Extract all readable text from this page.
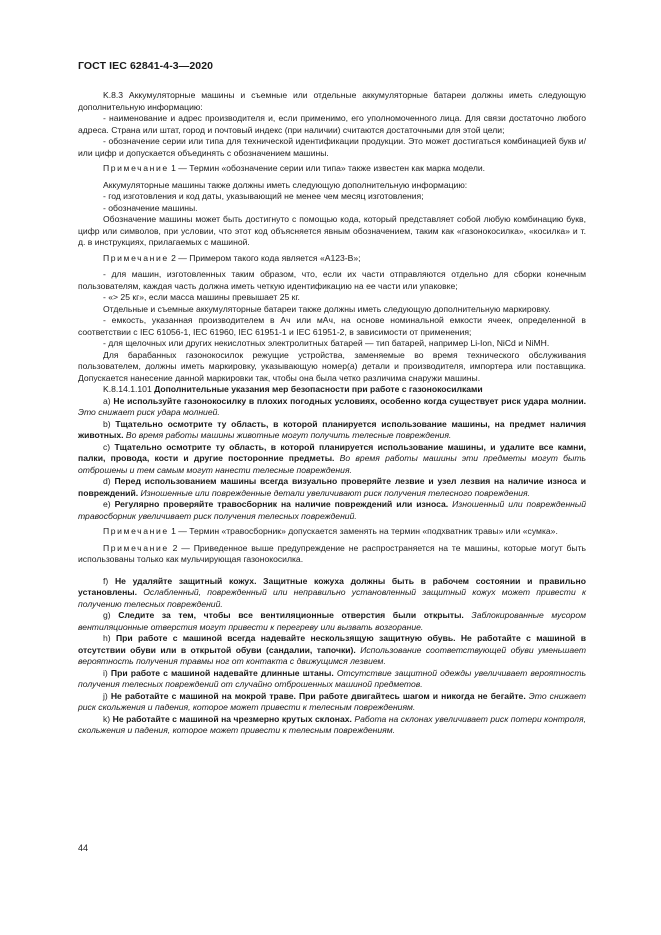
ГОСТ IEC 62841-4-3—2020

K.8.3 Аккумуляторные машины и съемные или отдельные аккумуляторные батареи должны иметь следующую дополнительную информацию:

- наименование и адрес производителя и, если применимо, его уполномоченного лица. Для связи достаточно любого адреса. Страна или штат, город и почтовый индекс (при наличии) считаются достаточными для этой цели;

- обозначение серии или типа для технической идентификации продукции. Это может достигаться комбинацией букв и/или цифр и допускается объединять с обозначением машины.

Примечание 1 — Термин «обозначение серии или типа» также известен как марка модели.

Аккумуляторные машины также должны иметь следующую дополнительную информацию:

- год изготовления и код даты, указывающий не менее чем месяц изготовления;

- обозначение машины.

Обозначение машины может быть достигнуто с помощью кода, который представляет собой любую комбинацию букв, цифр или символов, при условии, что этот код объясняется явным обозначением, таким как «газонокосилка», «косилка» и т. д. в инструкциях, прилагаемых с машиной.

Примечание 2 — Примером такого кода является «A123-B»;

- для машин, изготовленных таким образом, что, если их части отправляются отдельно для сборки конечным пользователям, каждая часть должна иметь четкую идентификацию на ее части или упаковке;

- «> 25 кг», если масса машины превышает 25 кг.

Отдельные и съемные аккумуляторные батареи также должны иметь следующую дополнительную маркировку.

- емкость, указанная производителем в Ач или мАч, на основе номинальной емкости ячеек, определенной в соответствии с IEC 61056-1, IEC 61960, IEC 61951-1 и IEC 61951-2, в зависимости от применения;

- для щелочных или других некислотных электролитных батарей — тип батарей, например Li-Ion, NiCd и NiMH.

Для барабанных газонокосилок режущие устройства, заменяемые во время технического обслуживания пользователем, должны иметь маркировку, указывающую номер(а) детали и производителя, импортера или поставщика. Допускается нанесение данной маркировки так, чтобы она была четко различима снаружи машины.

K.8.14.1.101 Дополнительные указания мер безопасности при работе с газонокосилками

a) Не используйте газонокосилку в плохих погодных условиях, особенно когда существует риск удара молнии. Это снижает риск удара молнией.

b) Тщательно осмотрите ту область, в которой планируется использование машины, на предмет наличия животных. Во время работы машины животные могут получить телесные повреждения.

c) Тщательно осмотрите ту область, в которой планируется использование машины, и удалите все камни, палки, провода, кости и другие посторонние предметы. Во время работы машины эти предметы могут быть отброшены и тем самым могут нанести телесные повреждения.

d) Перед использованием машины всегда визуально проверяйте лезвие и узел лезвия на наличие износа и повреждений. Изношенные или поврежденные детали увеличивают риск получения телесного повреждения.

e) Регулярно проверяйте травосборник на наличие повреждений или износа. Изношенный или поврежденный травосборник увеличивает риск получения телесных повреждений.

Примечание 1 — Термин «травосборник» допускается заменять на термин «подхватник травы» или «сумка».

Примечание 2 — Приведенное выше предупреждение не распространяется на те машины, которые могут быть использованы только как мульчирующая газонокосилка.

f) Не удаляйте защитный кожух. Защитные кожуха должны быть в рабочем состоянии и правильно установлены. Ослабленный, поврежденный или неправильно установленный защитный кожух может привести к получению телесных повреждений.

g) Следите за тем, чтобы все вентиляционные отверстия были открыты. Заблокированные мусором вентиляционные отверстия могут привести к перегреву или вызвать возгорание.

h) При работе с машиной всегда надевайте нескользящую защитную обувь. Не работайте с машиной в отсутствии обуви или в открытой обуви (сандалии, тапочки). Использование соответствующей обуви уменьшает вероятность получения травмы ног от контакта с движущимся лезвием.

i) При работе с машиной надевайте длинные штаны. Отсутствие защитной одежды увеличивает вероятность получения телесных повреждений от случайно отброшенных машиной предметов.

j) Не работайте с машиной на мокрой траве. При работе двигайтесь шагом и никогда не бегайте. Это снижает риск скольжения и падения, которое может привести к телесным повреждениям.

k) Не работайте с машиной на чрезмерно крутых склонах. Работа на склонах увеличивает риск потери контроля, скольжения и падения, которое может привести к телесным повреждениям.

44
